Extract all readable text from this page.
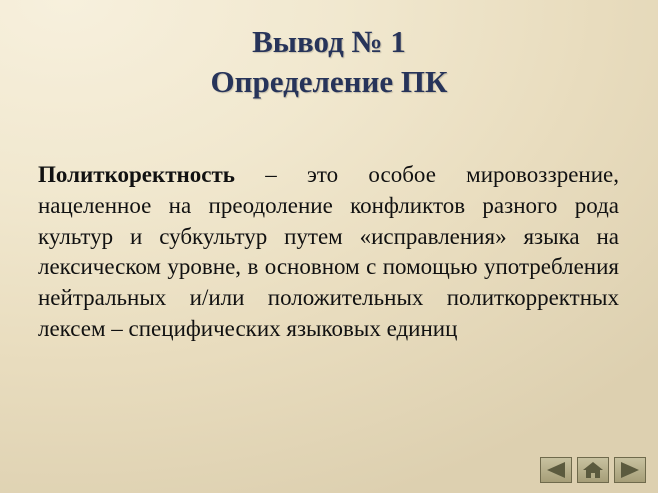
Вывод № 1
Определение ПК

Политкоректность – это особое мировоззрение, нацеленное на преодоление конфликтов разного рода культур и субкультур путем «исправления» языка на лексическом уровне, в основном с помощью употребления нейтральных и/или положительных политкорректных лексем – специфических языковых единиц
